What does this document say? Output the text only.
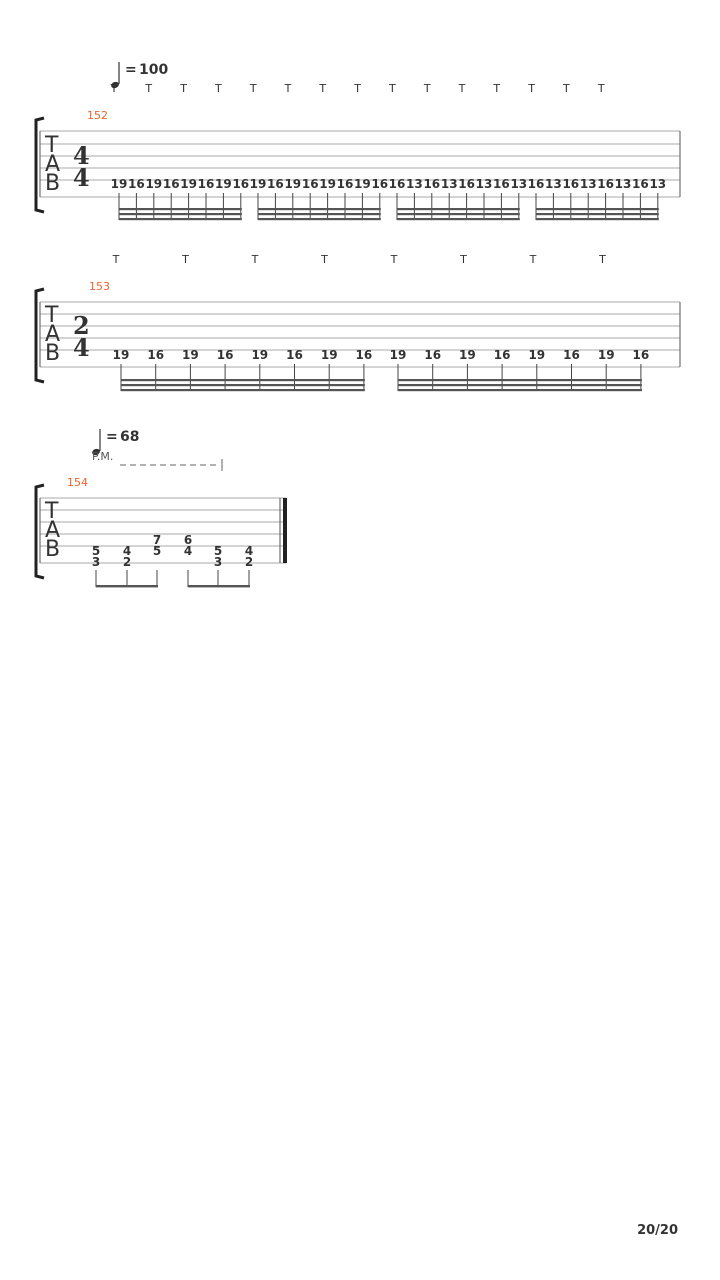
= 100
T	T	T	T	T	T	T	T	T	T	T	T	T	T	T
152
T
A
B
4
4 19 16 19 16 19 16 19 16 19 16 19 16 19 16 19 16 16 13 16 13 16 13 16 13 16 13 16 13 16 13 16 13
T	T	T	T	T	T	T	T
153
T
A
B
2
4 19 16 19 16 19 16 19 16 19 16 19 16 19 16 19 16
= 68
P.M.
154
T
A
B	5
3
4
2
7
5
6
4 5
3
4
2
20/20
